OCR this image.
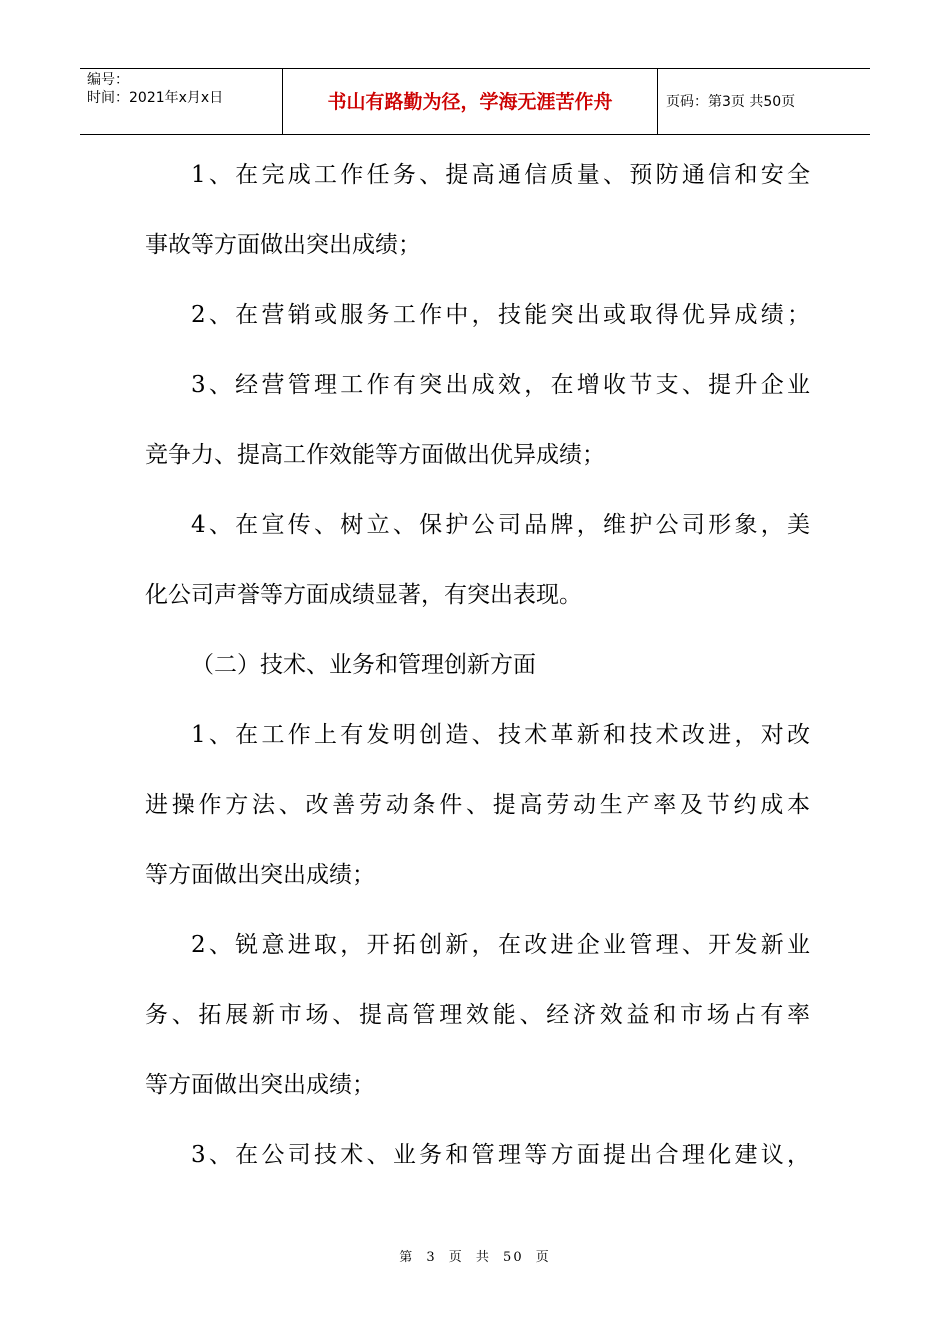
编号：
时间：2021年x月x日	书山有路勤为径，学海无涯苦作舟	页码：第3页 共50页
1、在完成工作任务、提高通信质量、预防通信和安全
事故等方面做出突出成绩；
2、在营销或服务工作中，技能突出或取得优异成绩；
3、经营管理工作有突出成效，在增收节支、提升企业
竞争力、提高工作效能等方面做出优异成绩；
4、在宣传、树立、保护公司品牌，维护公司形象，美
化公司声誉等方面成绩显著，有突出表现。
（二）技术、业务和管理创新方面
1、在工作上有发明创造、技术革新和技术改进，对改
进操作方法、改善劳动条件、提高劳动生产率及节约成本
等方面做出突出成绩；
2、锐意进取，开拓创新，在改进企业管理、开发新业
务、拓展新市场、提高管理效能、经济效益和市场占有率
等方面做出突出成绩；
3、在公司技术、业务和管理等方面提出合理化建议，
第 3 页 共 50 页
